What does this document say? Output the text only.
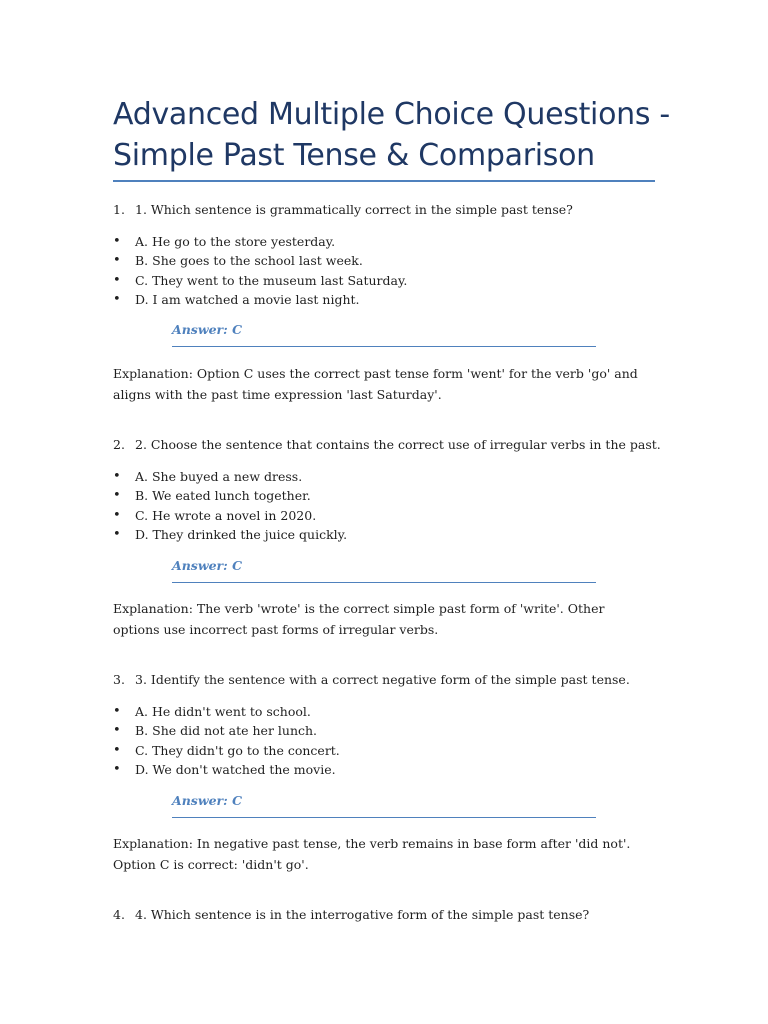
Advanced Multiple Choice Questions - Simple Past Tense & Comparison
1. 1. Which sentence is grammatically correct in the simple past tense?
• A. He go to the store yesterday.
• B. She goes to the school last week.
• C. They went to the museum last Saturday.
• D. I am watched a movie last night.
Answer: C
Explanation: Option C uses the correct past tense form 'went' for the verb 'go' and aligns with the past time expression 'last Saturday'.
2. 2. Choose the sentence that contains the correct use of irregular verbs in the past.
• A. She buyed a new dress.
• B. We eated lunch together.
• C. He wrote a novel in 2020.
• D. They drinked the juice quickly.
Answer: C
Explanation: The verb 'wrote' is the correct simple past form of 'write'. Other options use incorrect past forms of irregular verbs.
3. 3. Identify the sentence with a correct negative form of the simple past tense.
• A. He didn't went to school.
• B. She did not ate her lunch.
• C. They didn't go to the concert.
• D. We don't watched the movie.
Answer: C
Explanation: In negative past tense, the verb remains in base form after 'did not'. Option C is correct: 'didn't go'.
4. 4. Which sentence is in the interrogative form of the simple past tense?
